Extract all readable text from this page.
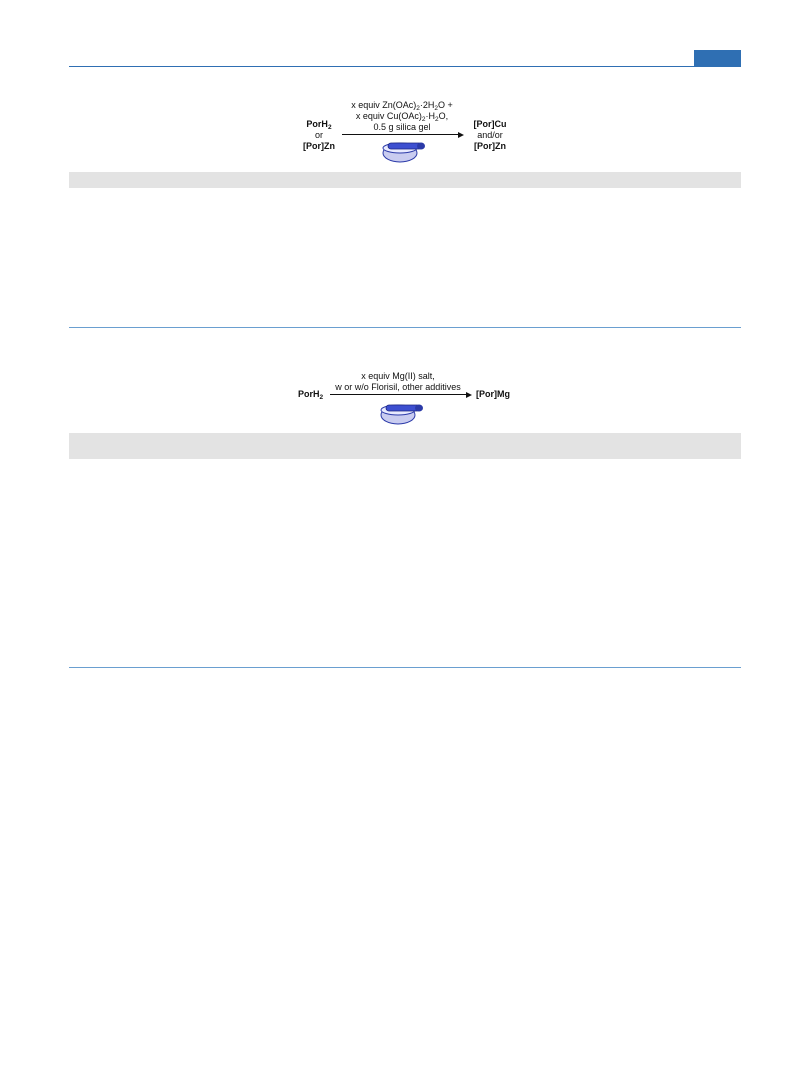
PorH$_2$
or
[Por]Zn
x equiv $Zn(OAc)_2\cdot 2H_2O$ +
x equiv $Cu(OAc)_2\cdot H_2O$,
0.5 g silica gel	[Por]Cu
and/or
[Por]Zn
PorH$_2$
x equiv Mg(II) salt,
w or w/o Florisil, other additives
[Por]Mg
